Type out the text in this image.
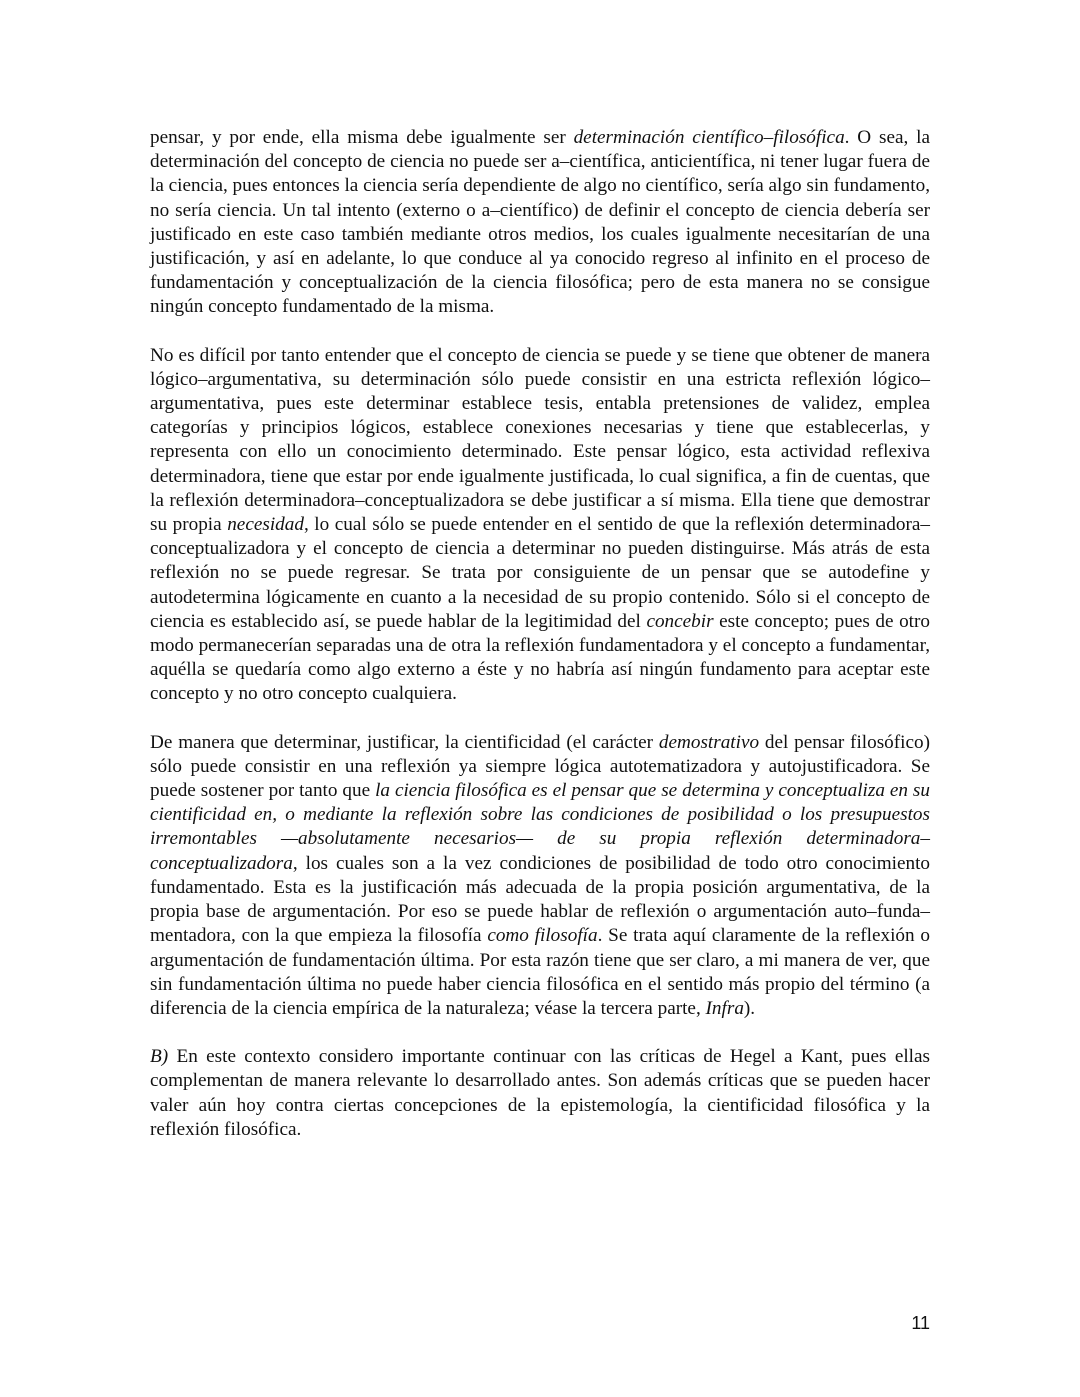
pensar, y por ende, ella misma debe igualmente ser determinación científico–filosófica. O sea, la determinación del concepto de ciencia no puede ser a–científica, anticientífica, ni tener lugar fuera de la ciencia, pues entonces la ciencia sería dependiente de algo no científico, sería algo sin fundamento, no sería ciencia. Un tal intento (externo o a–científico) de definir el concepto de ciencia debería ser justificado en este caso también mediante otros medios, los cuales igualmente necesitarían de una justificación, y así en adelante, lo que conduce al ya conocido regreso al infinito en el proceso de fundamentación y conceptualización de la ciencia filosófica; pero de esta manera no se consigue ningún concepto fundamentado de la misma.

No es difícil por tanto entender que el concepto de ciencia se puede y se tiene que obtener de manera lógico–argumentativa, su determinación sólo puede consistir en una estricta reflexión lógico–argumentativa, pues este determinar establece tesis, entabla pretensiones de validez, emplea categorías y principios lógicos, establece conexiones necesarias y tiene que establecerlas, y representa con ello un conocimiento determinado. Este pensar lógico, esta actividad reflexiva determinadora, tiene que estar por ende igualmente justificada, lo cual significa, a fin de cuentas, que la reflexión determinadora–conceptualizadora se debe justificar a sí misma. Ella tiene que demostrar su propia necesidad, lo cual sólo se puede entender en el sentido de que la reflexión determinadora–conceptualizadora y el concepto de ciencia a determinar no pueden distinguirse. Más atrás de esta reflexión no se puede regresar. Se trata por consiguiente de un pensar que se autodefine y autodetermina lógicamente en cuanto a la necesidad de su propio contenido. Sólo si el concepto de ciencia es establecido así, se puede hablar de la legitimidad del concebir este concepto; pues de otro modo permanecerían separadas una de otra la reflexión fundamentadora y el concepto a fundamentar, aquélla se quedaría como algo externo a éste y no habría así ningún fundamento para aceptar este concepto y no otro concepto cualquiera.

De manera que determinar, justificar, la cientificidad (el carácter demostrativo del pensar filosófico) sólo puede consistir en una reflexión ya siempre lógica autotematizadora y autojustificadora. Se puede sostener por tanto que la ciencia filosófica es el pensar que se determina y conceptualiza en su cientificidad en, o mediante la reflexión sobre las condiciones de posibilidad o los presupuestos irremontables —absolutamente necesarios— de su propia reflexión determinadora–conceptualizadora, los cuales son a la vez condiciones de posibilidad de todo otro conocimiento fundamentado. Esta es la justificación más adecuada de la propia posición argumentativa, de la propia base de argumentación. Por eso se puede hablar de reflexión o argumentación auto–funda–mentadora, con la que empieza la filosofía como filosofía. Se trata aquí claramente de la reflexión o argumentación de fundamentación última. Por esta razón tiene que ser claro, a mi manera de ver, que sin fundamentación última no puede haber ciencia filosófica en el sentido más propio del término (a diferencia de la ciencia empírica de la naturaleza; véase la tercera parte, Infra).

B) En este contexto considero importante continuar con las críticas de Hegel a Kant, pues ellas complementan de manera relevante lo desarrollado antes. Son además críticas que se pueden hacer valer aún hoy contra ciertas concepciones de la epistemología, la cientificidad filosófica y la reflexión filosófica.

11
